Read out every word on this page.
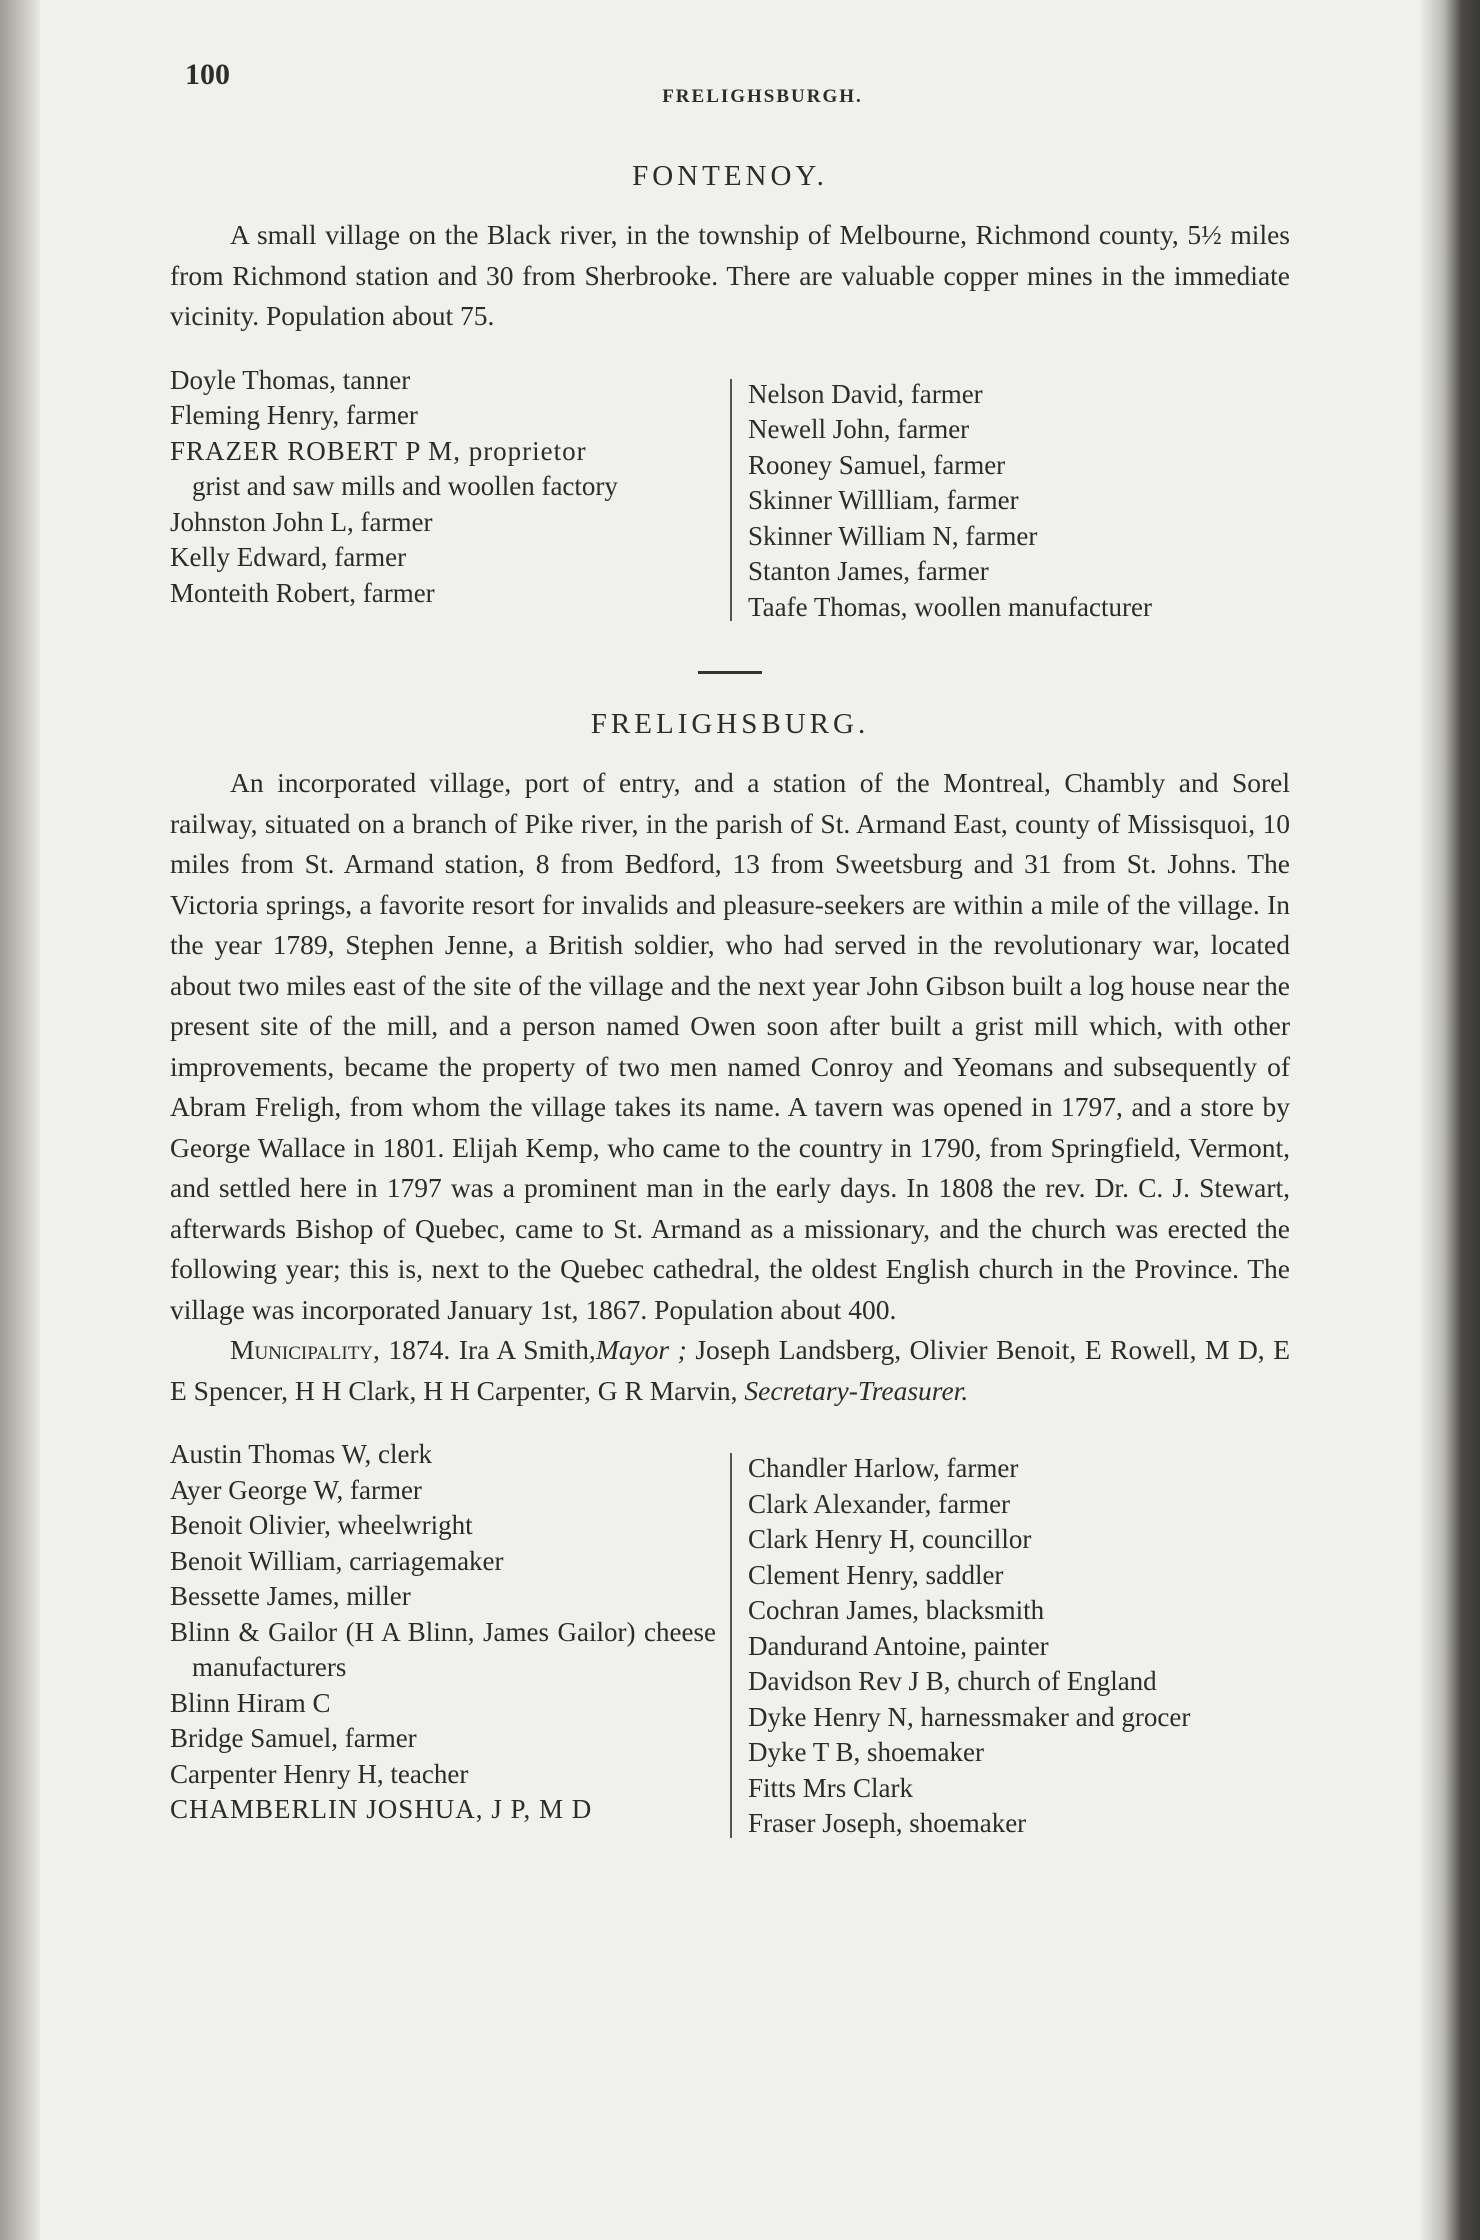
100
FRELIGHSBURGH.
FONTENOY.

A small village on the Black river, in the township of Melbourne, Richmond county, 5½ miles from Richmond station and 30 from Sherbrooke. There are valuable copper mines in the immediate vicinity. Population about 75.

Doyle Thomas, tanner
Fleming Henry, farmer
FRAZER ROBERT P M, proprietor
grist and saw mills and woollen factory
Johnston John L, farmer
Kelly Edward, farmer
Monteith Robert, farmer
Nelson David, farmer
Newell John, farmer
Rooney Samuel, farmer
Skinner Willliam, farmer
Skinner William N, farmer
Stanton James, farmer
Taafe Thomas, woollen manufacturer
FRELIGHSBURG.

An incorporated village, port of entry, and a station of the Montreal, Chambly and Sorel railway, situated on a branch of Pike river, in the parish of St. Armand East, county of Missisquoi, 10 miles from St. Armand station, 8 from Bedford, 13 from Sweetsburg and 31 from St. Johns. The Victoria springs, a favorite resort for invalids and pleasure-seekers are within a mile of the village. In the year 1789, Stephen Jenne, a British soldier, who had served in the revolutionary war, located about two miles east of the site of the village and the next year John Gibson built a log house near the present site of the mill, and a person named Owen soon after built a grist mill which, with other improvements, became the property of two men named Conroy and Yeomans and subsequently of Abram Freligh, from whom the village takes its name. A tavern was opened in 1797, and a store by George Wallace in 1801. Elijah Kemp, who came to the country in 1790, from Springfield, Vermont, and settled here in 1797 was a prominent man in the early days. In 1808 the rev. Dr. C. J. Stewart, afterwards Bishop of Quebec, came to St. Armand as a missionary, and the church was erected the following year; this is, next to the Quebec cathedral, the oldest English church in the Province. The village was incorporated January 1st, 1867. Population about 400.

Municipality, 1874. Ira A Smith,Mayor ; Joseph Landsberg, Olivier Benoit, E Rowell, M D, E E Spencer, H H Clark, H H Carpenter, G R Marvin, Secretary-Treasurer.

Austin Thomas W, clerk
Ayer George W, farmer
Benoit Olivier, wheelwright
Benoit William, carriagemaker
Bessette James, miller
Blinn & Gailor (H A Blinn, James Gailor) cheese manufacturers
Blinn Hiram C
Bridge Samuel, farmer
Carpenter Henry H, teacher
CHAMBERLIN JOSHUA, J P, M D
Chandler Harlow, farmer
Clark Alexander, farmer
Clark Henry H, councillor
Clement Henry, saddler
Cochran James, blacksmith
Dandurand Antoine, painter
Davidson Rev J B, church of England
Dyke Henry N, harnessmaker and grocer
Dyke T B, shoemaker
Fitts Mrs Clark
Fraser Joseph, shoemaker
